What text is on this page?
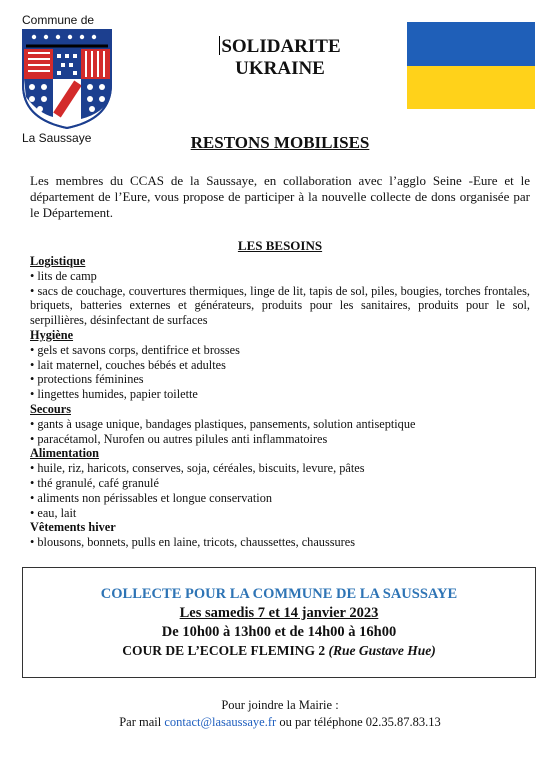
Commune de
La Saussaye
SOLIDARITE
UKRAINE
RESTONS MOBILISES
Les membres du CCAS de la Saussaye, en collaboration avec l’agglo Seine -Eure et le département de l’Eure, vous propose de participer à la nouvelle collecte de dons organisée par le Département.
LES BESOINS
Logistique
• lits de camp
• sacs de couchage, couvertures thermiques, linge de lit, tapis de sol, piles, bougies, torches frontales, briquets, batteries externes et générateurs, produits pour les sanitaires, produits pour le sol, serpillières, désinfectant de surfaces
Hygiène
• gels et savons corps, dentifrice et brosses
• lait maternel, couches bébés et adultes
• protections féminines
• lingettes humides, papier toilette
Secours
• gants à usage unique, bandages plastiques, pansements, solution antiseptique
• paracétamol, Nurofen ou autres pilules anti inflammatoires
Alimentation
• huile, riz, haricots, conserves, soja, céréales, biscuits, levure, pâtes
• thé granulé, café granulé
• aliments non périssables et longue conservation
• eau, lait
Vêtements hiver
• blousons, bonnets, pulls en laine, tricots, chaussettes, chaussures
COLLECTE POUR LA COMMUNE DE LA SAUSSAYE
Les samedis 7 et 14 janvier 2023
De 10h00 à 13h00 et de 14h00 à 16h00
COUR DE L’ECOLE FLEMING 2 (Rue Gustave Hue)
Pour joindre la Mairie :
Par mail contact@lasaussaye.fr ou par téléphone 02.35.87.83.13
